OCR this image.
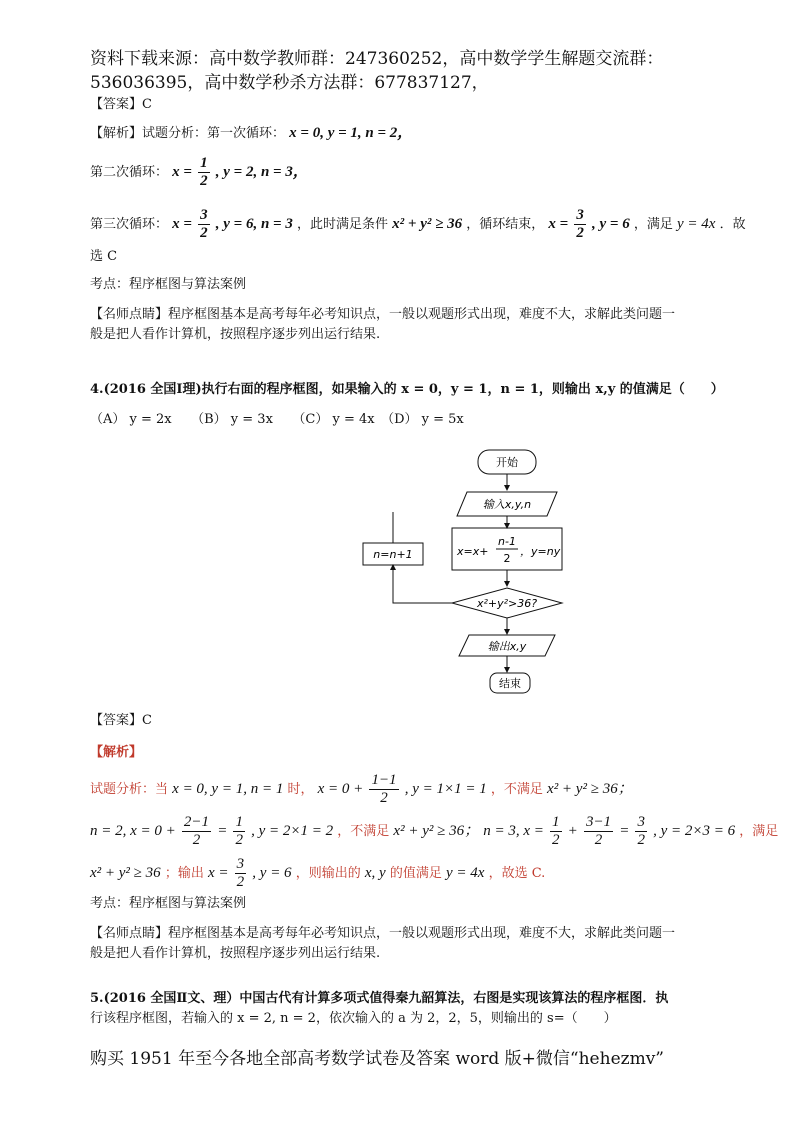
资料下载来源：高中数学教师群：247360252，高中数学学生解题交流群：
536036395，高中数学秒杀方法群：677837127，
【答案】C
【解析】试题分析：第一次循环： x = 0, y = 1, n = 2，
第二次循环： $x = \frac{1}{2}$ , y = 2, n = 3，
第三次循环： $x = \frac{3}{2}$ , y = 6, n = 3 ，此时满足条件 x² + y² ≥ 36 ，循环结束， $x = \frac{3}{2}$ , y = 6 ，满足 y = 4x ．故
选 C
考点：程序框图与算法案例
【名师点睛】程序框图基本是高考每年必考知识点，一般以观题形式出现，难度不大，求解此类问题一
般是把人看作计算机，按照程序逐步列出运行结果.
4.(2016 全国Ⅰ理)执行右面的程序框图，如果输入的 x = 0，y = 1，n = 1，则输出 x,y 的值满足（　　）
（A） y = 2x　　（B） y = 3x　　（C） y = 4x　（D） y = 5x
开始
输入x,y,n
x=x+
n-1
2
，y=ny
n=n+1
x²+y²>36?
输出x,y
结束
【答案】C
【解析】
试题分析：当 x = 0, y = 1, n = 1 时， $x = 0 + \frac{1-1}{2}$ , y = 1×1 = 1 ，不满足 x² + y² ≥ 36；
n = 2, $x = 0 + \frac{2-1}{2} = \frac{1}{2}$ , y = 2×1 = 2 ，不满足 x² + y² ≥ 36； n = 3, $x = \frac{1}{2} + \frac{3-1}{2} = \frac{3}{2}$ , y = 2×3 = 6 ，满足
x² + y² ≥ 36 ；输出 $x = \frac{3}{2}$ , y = 6 ，则输出的 x, y 的值满足 y = 4x ，故选 C.
考点：程序框图与算法案例
【名师点睛】程序框图基本是高考每年必考知识点，一般以观题形式出现，难度不大，求解此类问题一
般是把人看作计算机，按照程序逐步列出运行结果.
5.(2016 全国Ⅱ文、理）中国古代有计算多项式值得秦九韶算法，右图是实现该算法的程序框图．执
行该程序框图，若输入的 x = 2, n = 2，依次输入的 a 为 2，2，5，则输出的 s=（　　）
购买 1951 年至今各地全部高考数学试卷及答案 word 版+微信“hehezmv”
